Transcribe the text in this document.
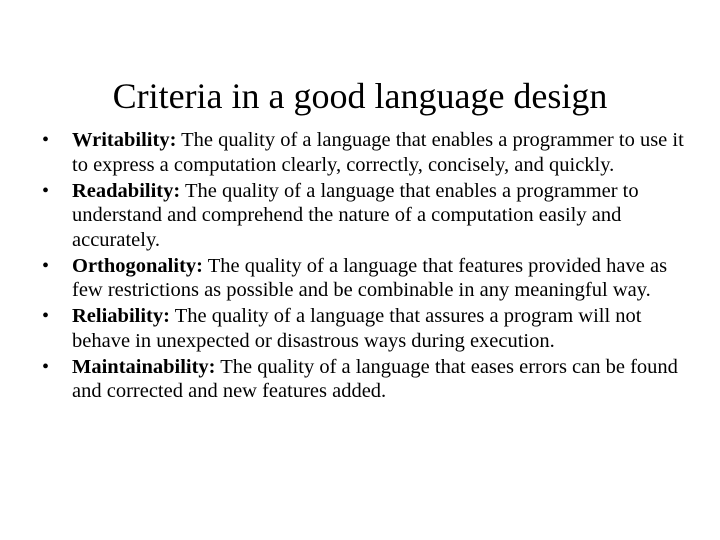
Criteria in a good language design
•	Writability: The quality of a language that enables a programmer to use it to express a computation clearly, correctly, concisely, and quickly.
•	Readability: The quality of a language that enables a programmer to understand and comprehend the nature of a computation easily and accurately.
•	Orthogonality: The quality of a language that features provided have as few restrictions as possible and be combinable in any meaningful way.
•	Reliability: The quality of a language that assures a program will not behave in unexpected or disastrous ways during execution.
•	Maintainability: The quality of a language that eases errors can be found and corrected and new features added.
